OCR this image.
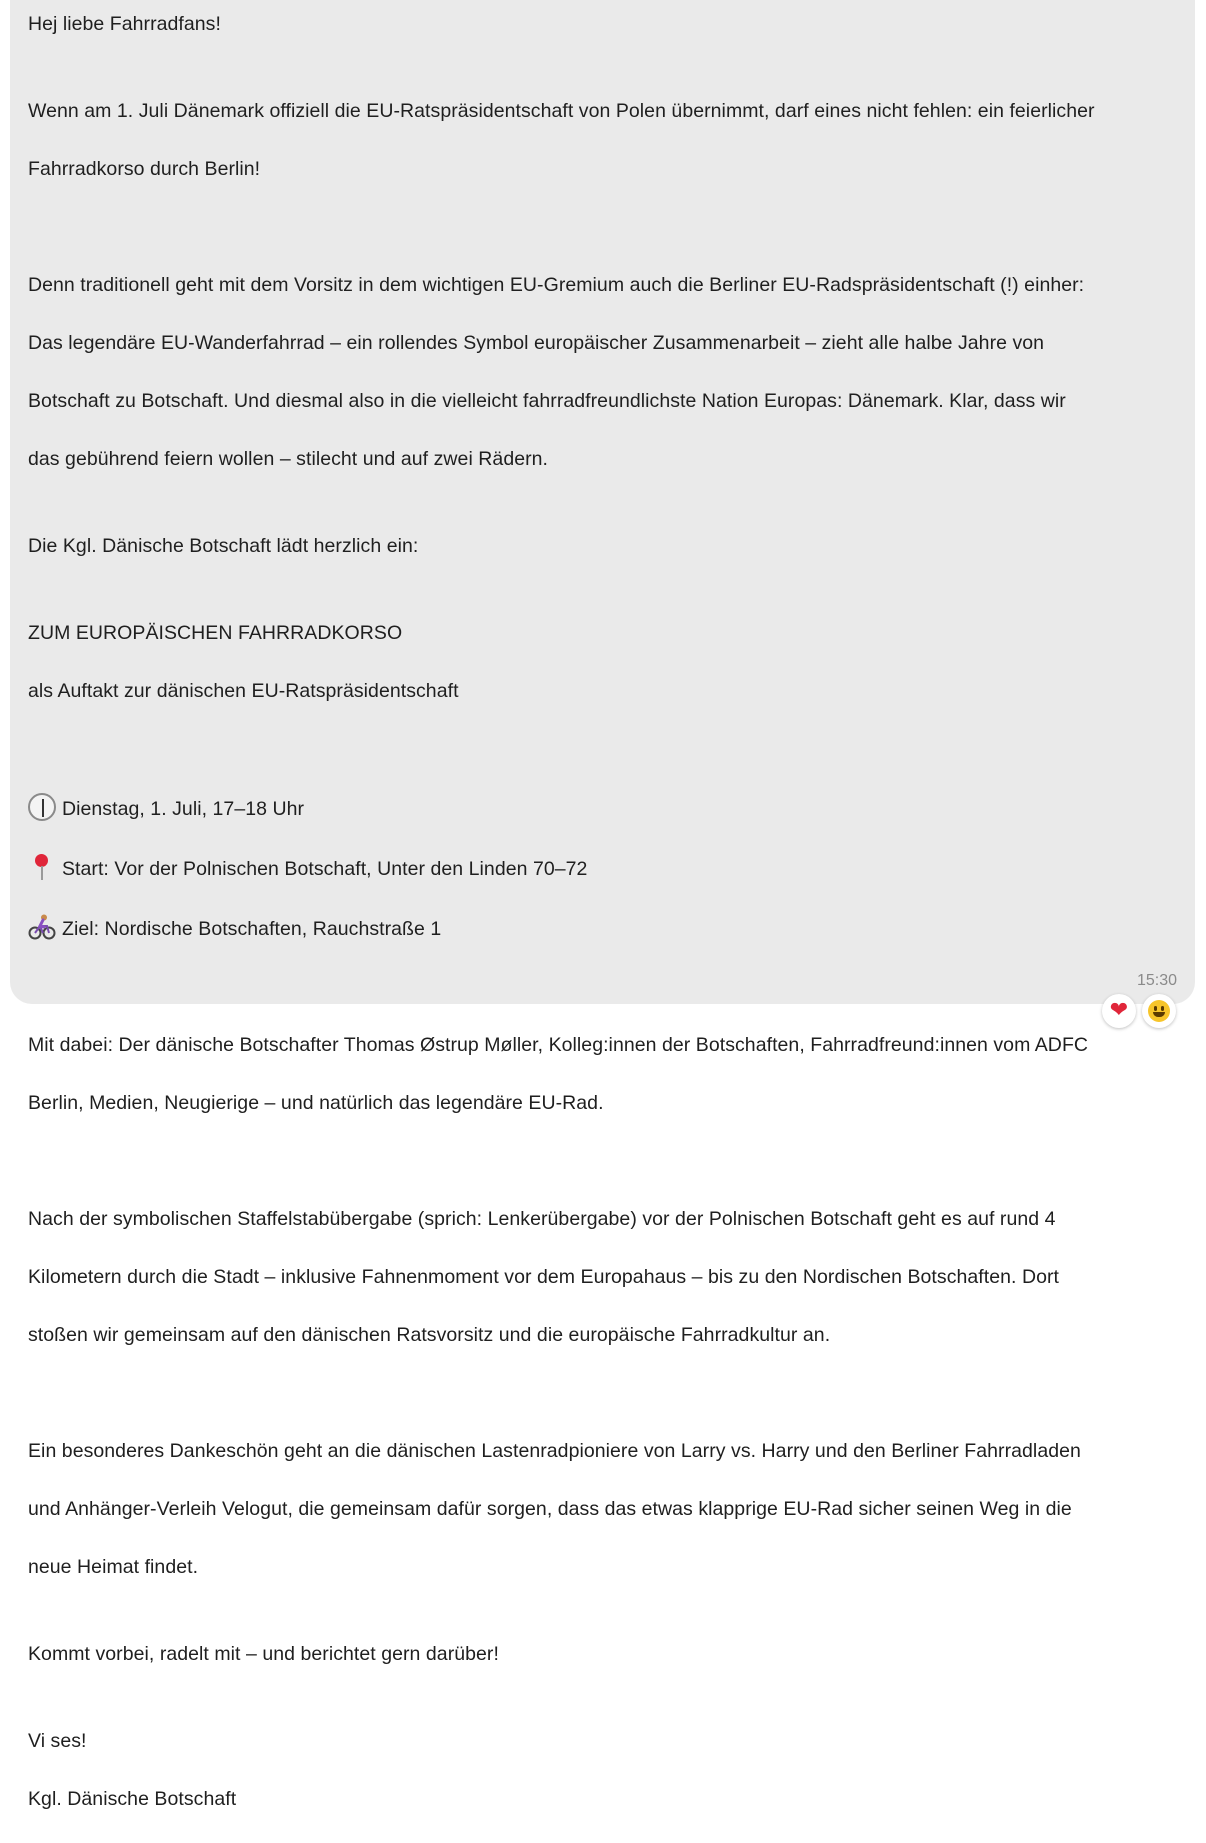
Hej liebe Fahrradfans!

Wenn am 1. Juli Dänemark offiziell die EU-Ratspräsidentschaft von Polen übernimmt, darf eines nicht fehlen: ein feierlicher

Fahrradkorso durch Berlin!

Denn traditionell geht mit dem Vorsitz in dem wichtigen EU-Gremium auch die Berliner EU-Radspräsidentschaft (!) einher:

Das legendäre EU-Wanderfahrrad – ein rollendes Symbol europäischer Zusammenarbeit – zieht alle halbe Jahre von

Botschaft zu Botschaft. Und diesmal also in die vielleicht fahrradfreundlichste Nation Europas: Dänemark. Klar, dass wir

das gebührend feiern wollen – stilecht und auf zwei Rädern.

Die Kgl. Dänische Botschaft lädt herzlich ein:

ZUM EUROPÄISCHEN FAHRRADKORSO

als Auftakt zur dänischen EU-Ratspräsidentschaft

Dienstag, 1. Juli, 17–18 Uhr

Start: Vor der Polnischen Botschaft, Unter den Linden 70–72

Ziel: Nordische Botschaften, Rauchstraße 1

Mit dabei: Der dänische Botschafter Thomas Østrup Møller, Kolleg:innen der Botschaften, Fahrradfreund:innen vom ADFC

Berlin, Medien, Neugierige – und natürlich das legendäre EU-Rad.

Nach der symbolischen Staffelstabübergabe (sprich: Lenkerübergabe) vor der Polnischen Botschaft geht es auf rund 4

Kilometern durch die Stadt – inklusive Fahnenmoment vor dem Europahaus – bis zu den Nordischen Botschaften. Dort

stoßen wir gemeinsam auf den dänischen Ratsvorsitz und die europäische Fahrradkultur an.

Ein besonderes Dankeschön geht an die dänischen Lastenradpioniere von Larry vs. Harry und den Berliner Fahrradladen

und Anhänger-Verleih Velogut, die gemeinsam dafür sorgen, dass das etwas klapprige EU-Rad sicher seinen Weg in die

neue Heimat findet.

Kommt vorbei, radelt mit – und berichtet gern darüber!

Vi ses!

Kgl. Dänische Botschaft

15:30
❤
